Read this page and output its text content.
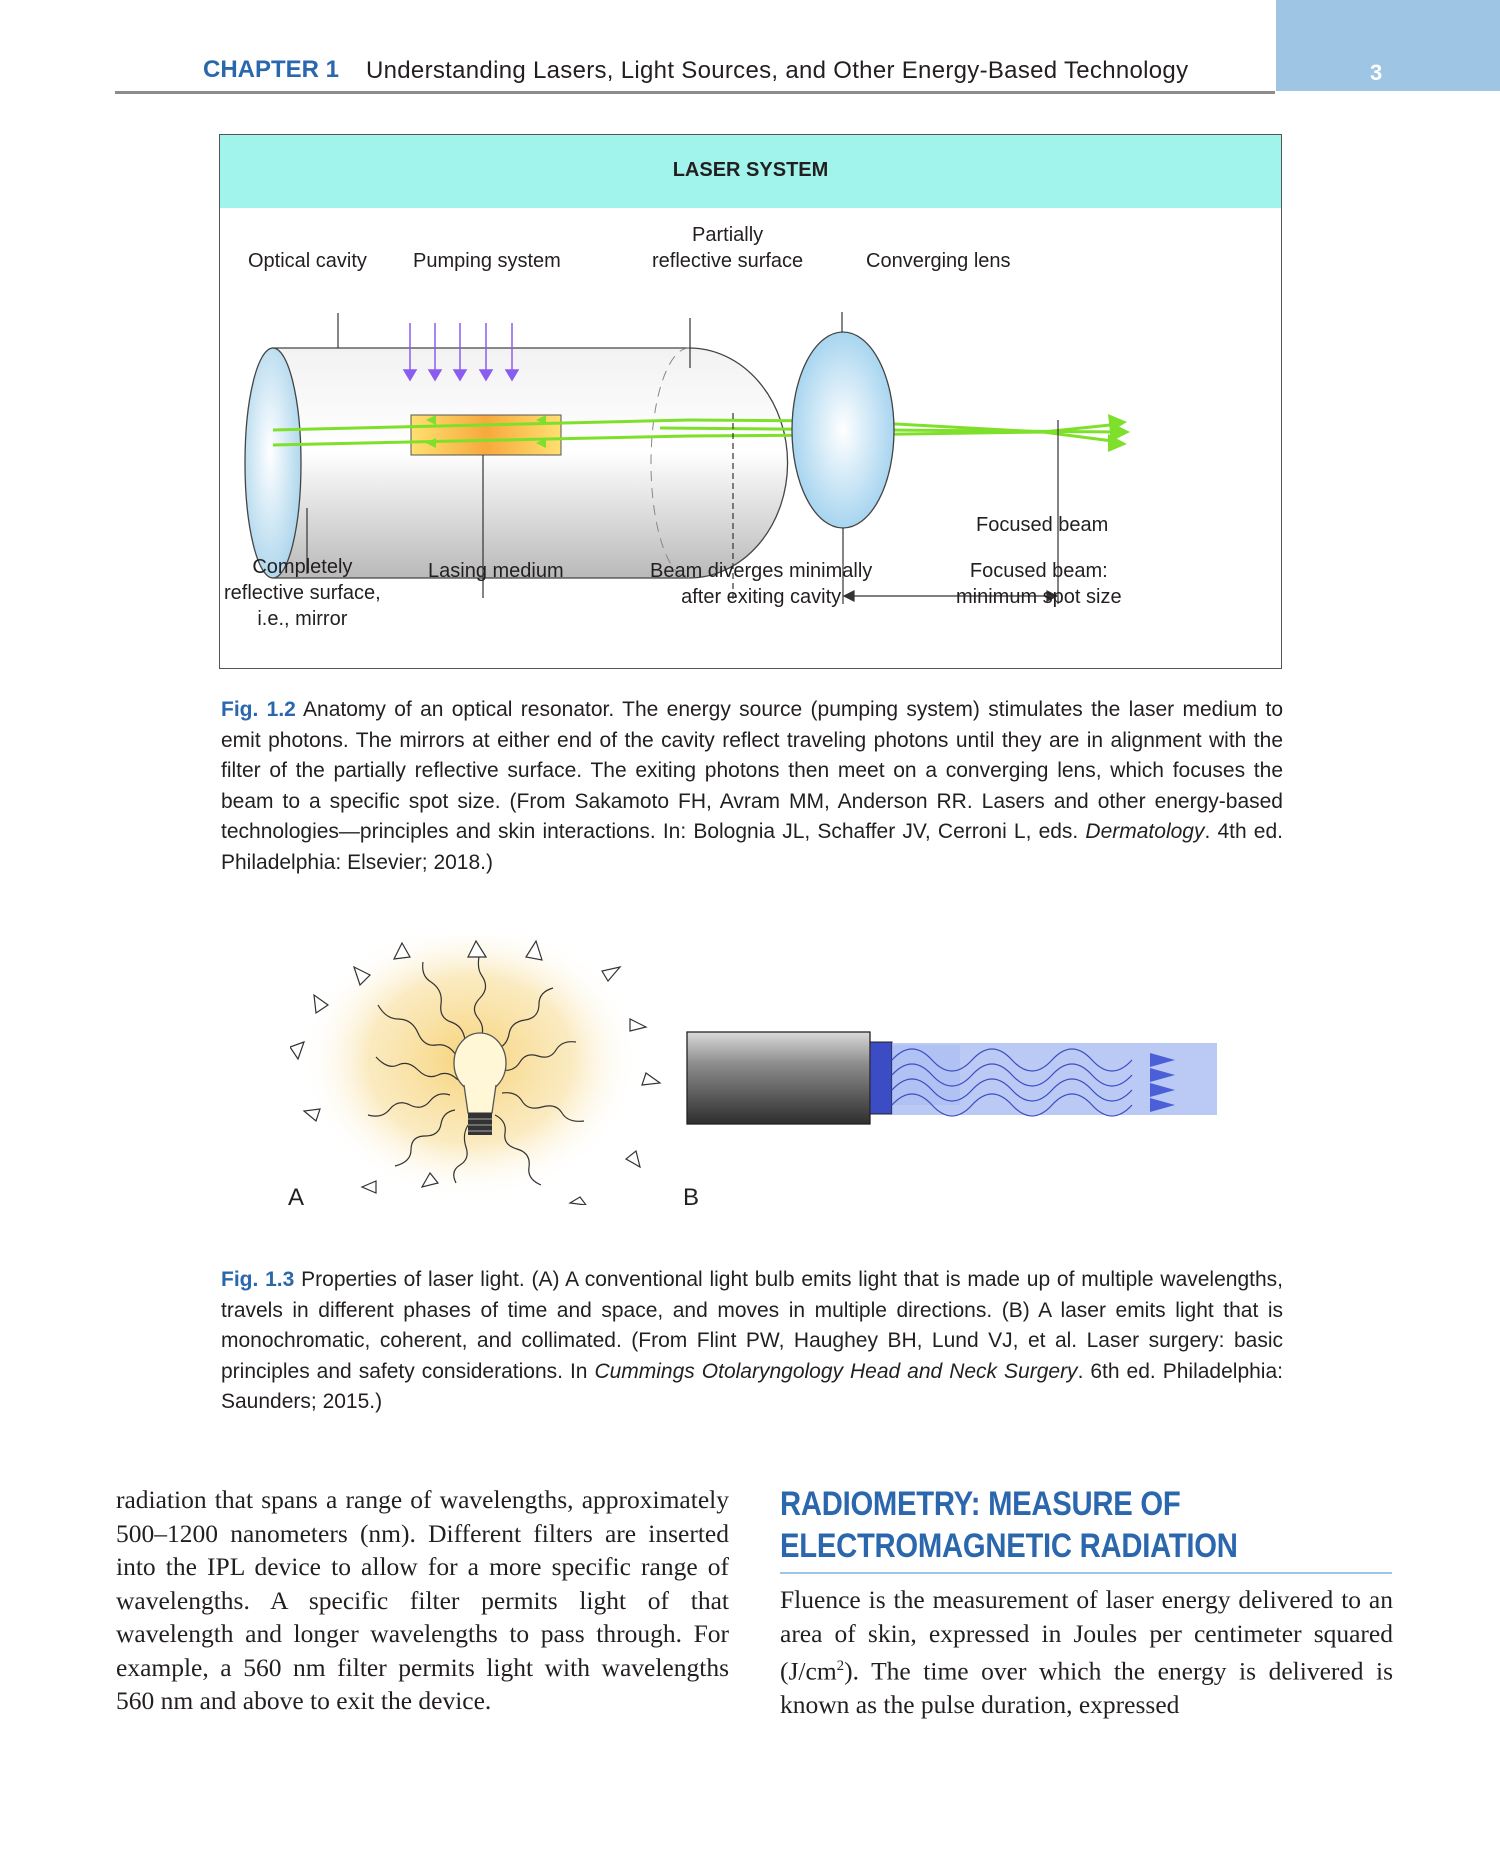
CHAPTER 1 Understanding Lasers, Light Sources, and Other Energy-Based Technology	3
LASER SYSTEM
Optical cavity Pumping system
Partially
reflective surface	Converging lens
Focused beam
Completely
reflective surface,
i.e., mirror
Lasing medium	Beam diverges minimally
after exiting cavity
Focused beam:
minimum spot size
Fig. 1.2 Anatomy of an optical resonator. The energy source (pumping system) stimulates the laser medium to emit photons. The mirrors at either end of the cavity reflect traveling photons until they are in alignment with the filter of the partially reflective surface. The exiting photons then meet on a converging lens, which focuses the beam to a specific spot size. (From Sakamoto FH, Avram MM, Anderson RR. Lasers and other energy-based technologies—principles and skin interactions. In: Bolognia JL, Schaffer JV, Cerroni L, eds. Dermatology. 4th ed. Philadelphia: Elsevier; 2018.)
A	B
Fig. 1.3 Properties of laser light. (A) A conventional light bulb emits light that is made up of multiple wavelengths, travels in different phases of time and space, and moves in multiple directions. (B) A laser emits light that is monochromatic, coherent, and collimated. (From Flint PW, Haughey BH, Lund VJ, et al. Laser surgery: basic principles and safety considerations. In Cummings Otolaryngology Head and Neck Surgery. 6th ed. Philadelphia: Saunders; 2015.)
radiation that spans a range of wavelengths, approximately 500–1200 nanometers (nm). Different filters are inserted into the IPL device to allow for a more specific range of wavelengths. A specific filter permits light of that wavelength and longer wavelengths to pass through. For example, a 560 nm filter permits light with wavelengths 560 nm and above to exit the device.
RADIOMETRY: MEASURE OF ELECTROMAGNETIC RADIATION
Fluence is the measurement of laser energy delivered to an area of skin, expressed in Joules per centimeter squared $(J/cm^2)$. The time over which the energy is delivered is known as the pulse duration, expressed
